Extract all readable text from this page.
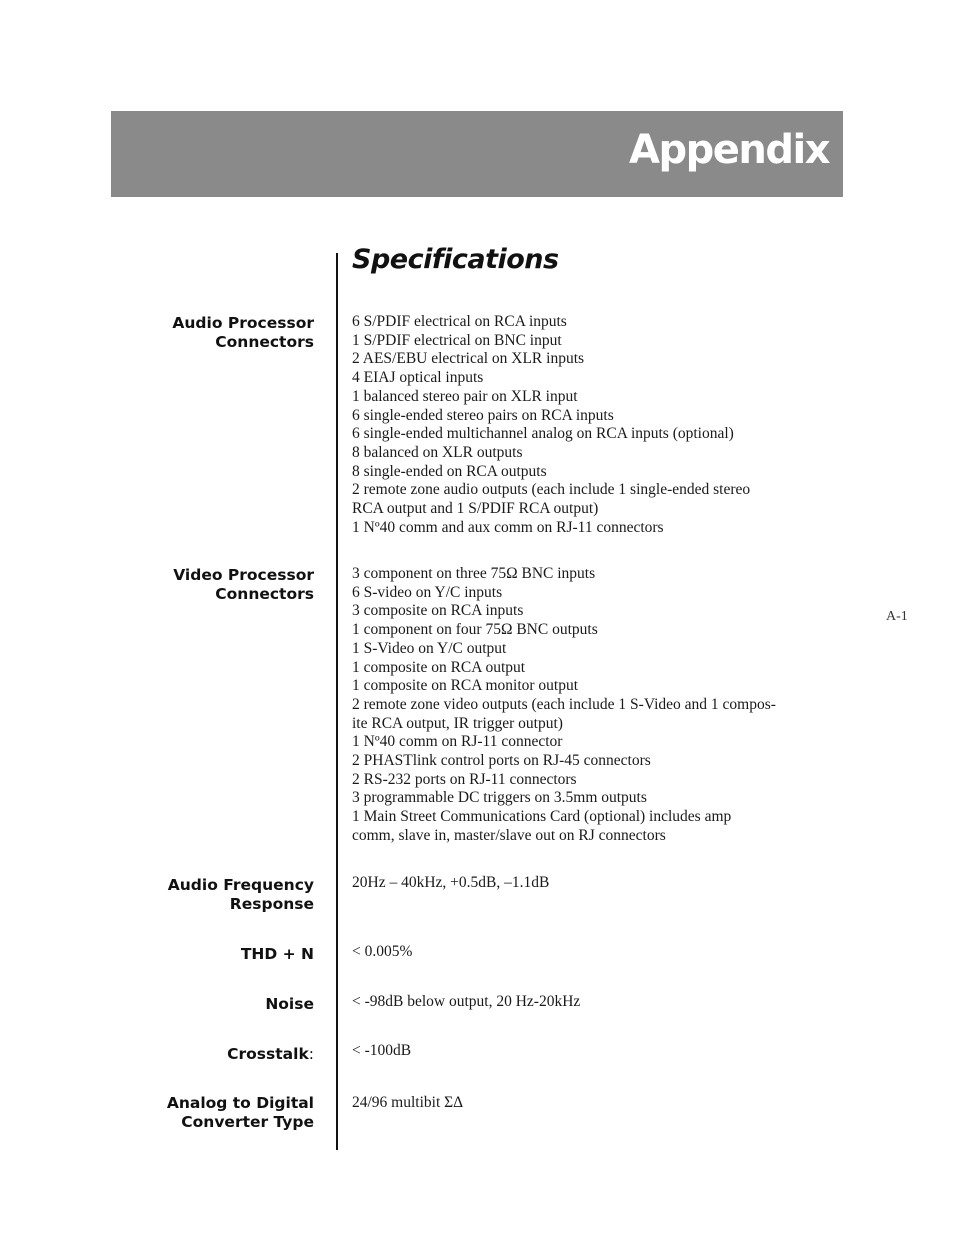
Appendix
Specifications
A-1
Audio Processor
Connectors
6 S/PDIF electrical on RCA inputs
1 S/PDIF electrical on BNC input
2 AES/EBU electrical on XLR inputs
4 EIAJ optical inputs
1 balanced stereo pair on XLR input
6 single-ended stereo pairs on RCA inputs
6 single-ended multichannel analog on RCA inputs (optional)
8 balanced on XLR outputs
8 single-ended on RCA outputs
2 remote zone audio outputs (each include 1 single-ended stereo
RCA output and 1 S/PDIF RCA output)
1 Nº40 comm and aux comm on RJ-11 connectors
Video Processor
Connectors
3 component on three 75Ω BNC inputs
6 S-video on Y/C inputs
3 composite on RCA inputs
1 component on four 75Ω BNC outputs
1 S-Video on Y/C output
1 composite on RCA output
1 composite on RCA monitor output
2 remote zone video outputs (each include 1 S-Video and 1 compos-
ite RCA output, IR trigger output)
1 Nº40 comm on RJ-11 connector
2 PHASTlink control ports on RJ-45 connectors
2 RS-232 ports on RJ-11 connectors
3 programmable DC triggers on 3.5mm outputs
1 Main Street Communications Card (optional) includes amp
comm, slave in, master/slave out on RJ connectors
Audio Frequency
Response
20Hz – 40kHz, +0.5dB, –1.1dB
THD + N < 0.005%
Noise < -98dB below output, 20 Hz-20kHz
Crosstalk: < -100dB
Analog to Digital
Converter Type
24/96 multibit ΣΔ
